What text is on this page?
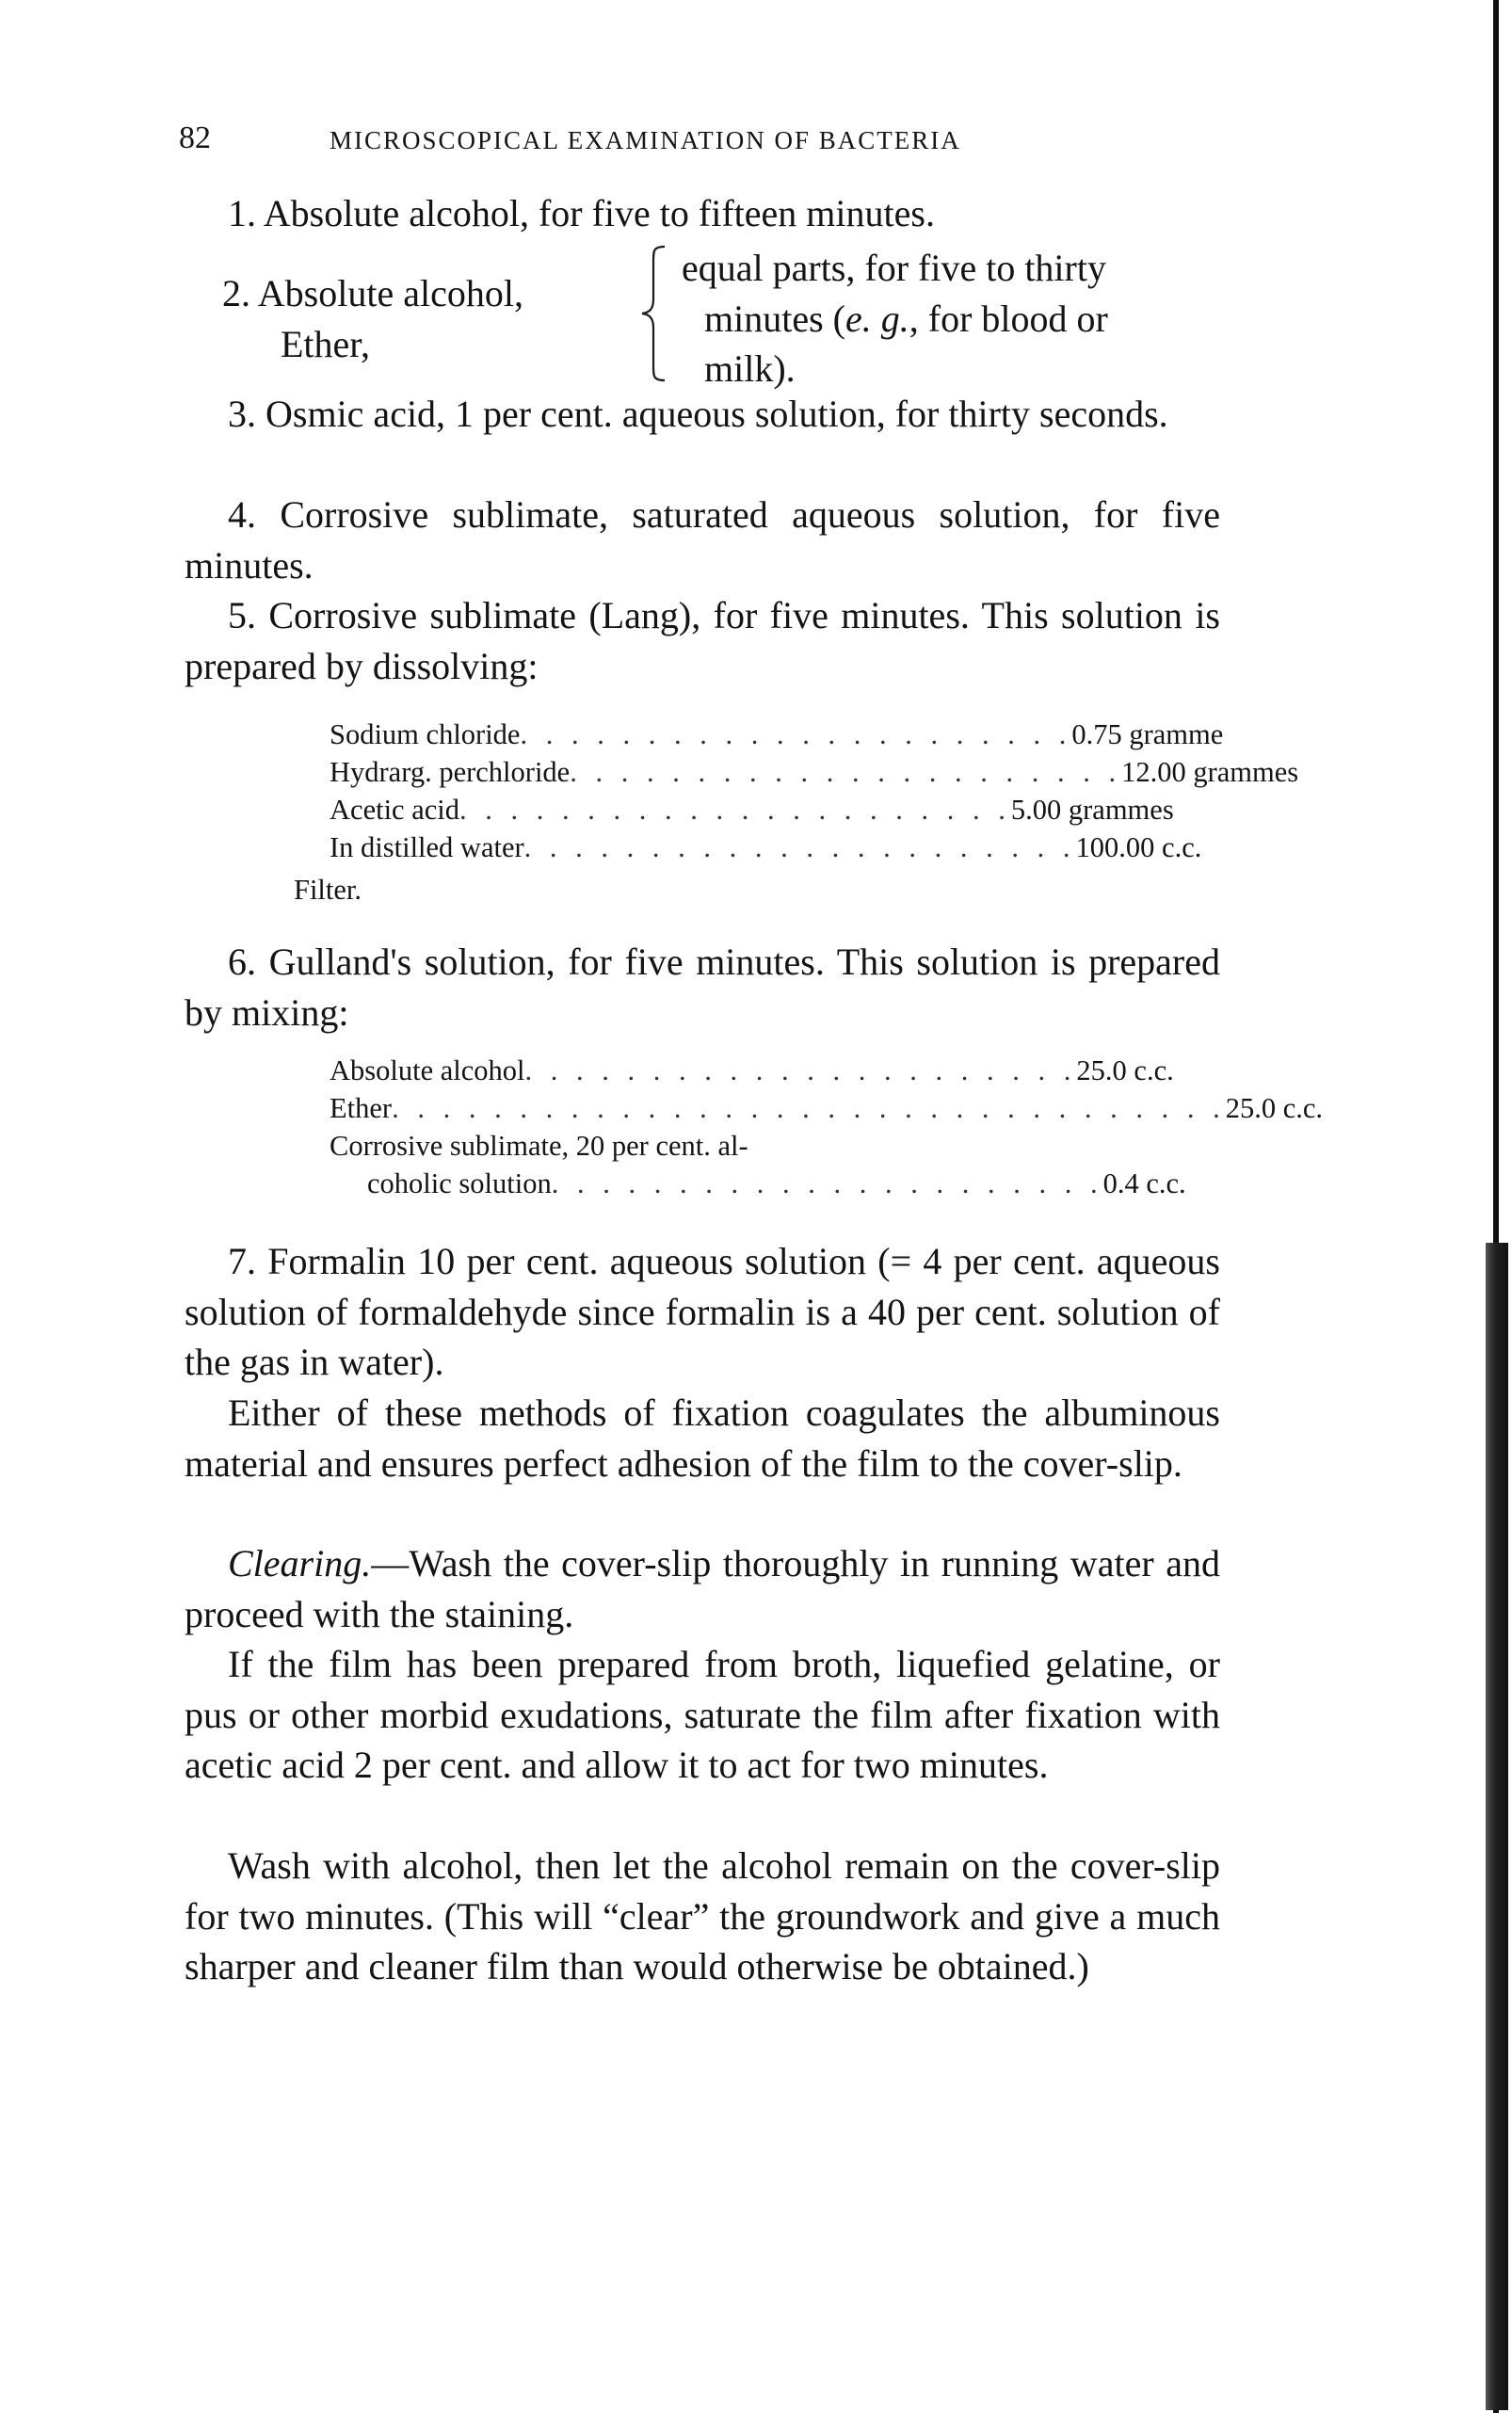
82	MICROSCOPICAL EXAMINATION OF BACTERIA

1. Absolute alcohol, for five to fifteen minutes.

2. Absolute alcohol,
Ether,
equal parts, for five to thirty
minutes (e. g., for blood or
milk).

3. Osmic acid, 1 per cent. aqueous solution, for thirty seconds.

4. Corrosive sublimate, saturated aqueous solution, for five minutes.

5. Corrosive sublimate (Lang), for five minutes. This solution is prepared by dissolving:

Sodium chloride . . . . . . . . . . . . . . . . . . . . . . 0.75 gramme
Hydrarg. perchloride . . . . . . . . . . . . . . . . . . . . . . 12.00 grammes
Acetic acid . . . . . . . . . . . . . . . . . . . . . . 5.00 grammes
In distilled water . . . . . . . . . . . . . . . . . . . . . . 100.00 c.c.
Filter.

6. Gulland's solution, for five minutes. This solution is prepared by mixing:

Absolute alcohol . . . . . . . . . . . . . . . . . . . . . . 25.0 c.c.
Ether . . . . . . . . . . . . . . . . . . . . . . . . . . . . . . . . . 25.0 c.c.
Corrosive sublimate, 20 per cent. al-
coholic solution . . . . . . . . . . . . . . . . . . . . . . 0.4 c.c.

7. Formalin 10 per cent. aqueous solution (= 4 per cent. aqueous solution of formaldehyde since formalin is a 40 per cent. solution of the gas in water).

Either of these methods of fixation coagulates the albuminous material and ensures perfect adhesion of the film to the cover-slip.

Clearing.—Wash the cover-slip thoroughly in running water and proceed with the staining.

If the film has been prepared from broth, liquefied gelatine, or pus or other morbid exudations, saturate the film after fixation with acetic acid 2 per cent. and allow it to act for two minutes.

Wash with alcohol, then let the alcohol remain on the cover-slip for two minutes. (This will “clear” the groundwork and give a much sharper and cleaner film than would otherwise be obtained.)
